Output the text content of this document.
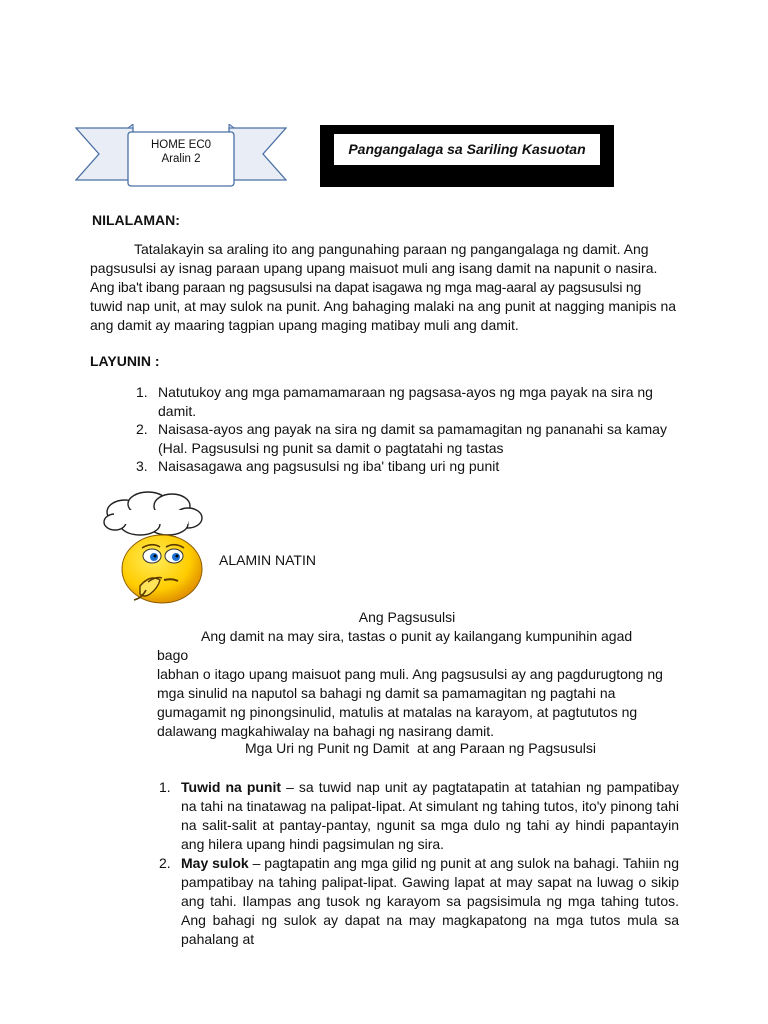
HOME EC0
Aralin 2
Pangangalaga sa Sariling Kasuotan
NILALAMAN:

Tatalakayin sa araling ito ang pangunahing paraan ng pangangalaga ng damit. Ang

pagsusulsi ay isnag paraan upang upang maisuot muli ang isang damit na napunit o nasira.

Ang iba't ibang paraan ng pagsusulsi na dapat isagawa ng mga mag-aaral ay pagsusulsi ng

tuwid nap unit, at may sulok na punit. Ang bahaging malaki na ang punit at nagging manipis na

ang damit ay maaring tagpian upang maging matibay muli ang damit.

LAYUNIN :
1. Natutukoy ang mga pamamamaraan ng pagsasa-ayos ng mga payak na sira ng
damit.
2. Naisasa-ayos ang payak na sira ng damit sa pamamagitan ng pananahi sa kamay
(Hal. Pagsusulsi ng punit sa damit o pagtatahi ng tastas
3. Naisasagawa ang pagsusulsi ng iba' tibang uri ng punit
ALAMIN NATIN
Ang Pagsusulsi

Ang damit na may sira, tastas o punit ay kailangang kumpunihin agad bago

labhan o itago upang maisuot pang muli. Ang pagsusulsi ay ang pagdurugtong ng

mga sinulid na naputol sa bahagi ng damit sa pamamagitan ng pagtahi na

gumagamit ng pinongsinulid, matulis at matalas na karayom, at pagtututos ng

dalawang magkahiwalay na bahagi ng nasirang damit.

Mga Uri ng Punit ng Damit  at ang Paraan ng Pagsusulsi
1. Tuwid na punit – sa tuwid nap unit ay pagtatapatin at tatahian ng pampatibay na tahi na tinatawag na palipat-lipat. At simulant ng tahing tutos, ito'y pinong tahi na salit-salit at pantay-pantay, ngunit sa mga dulo ng tahi ay hindi papantayin ang hilera upang hindi pagsimulan ng sira.
2. May sulok – pagtapatin ang mga gilid ng punit at ang sulok na bahagi. Tahiin ng pampatibay na tahing palipat-lipat. Gawing lapat at may sapat na luwag o sikip ang tahi. Ilampas ang tusok ng karayom sa pagsisimula ng mga tahing tutos. Ang bahagi ng sulok ay dapat na may magkapatong na mga tutos mula sa pahalang at
